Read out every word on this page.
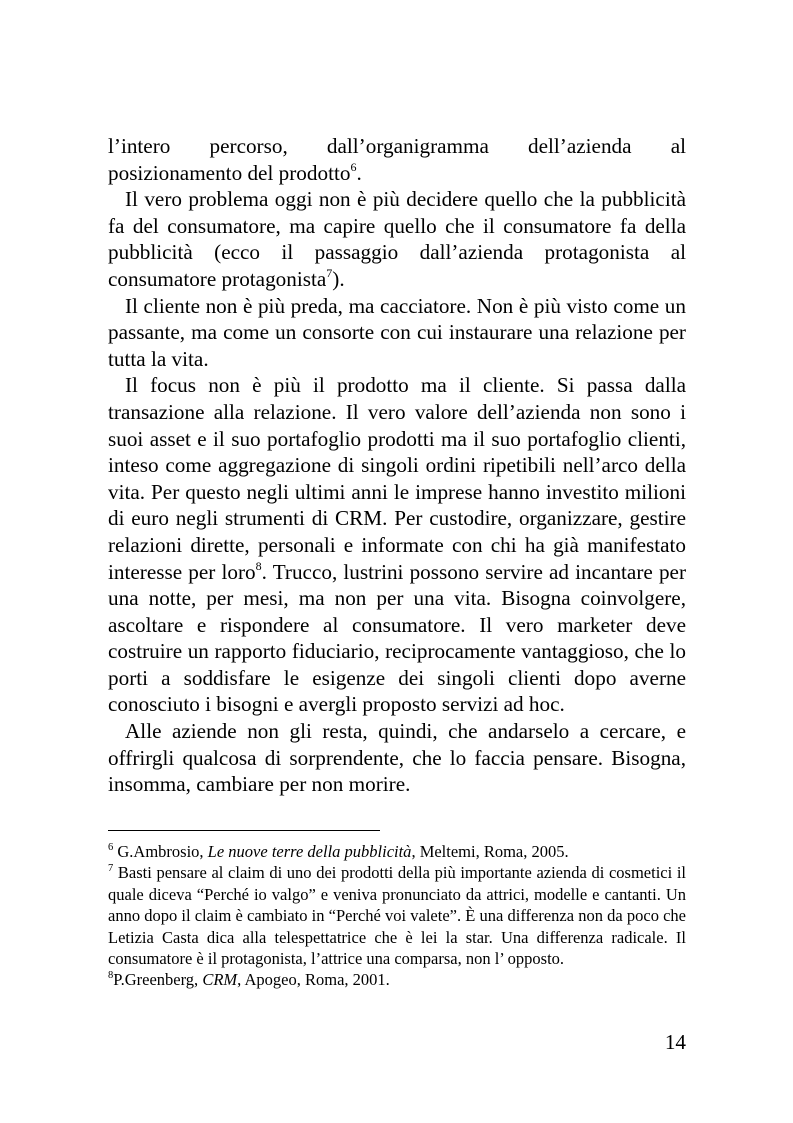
l’intero percorso, dall’organigramma dell’azienda al posizionamento del prodotto$^6$.

Il vero problema oggi non è più decidere quello che la pubblicità fa del consumatore, ma capire quello che il consumatore fa della pubblicità (ecco il passaggio dall’azienda protagonista al consumatore protagonista$^7$).

Il cliente non è più preda, ma cacciatore. Non è più visto come un passante, ma come un consorte con cui instaurare una relazione per tutta la vita.

Il focus non è più il prodotto ma il cliente. Si passa dalla transazione alla relazione. Il vero valore dell’azienda non sono i suoi asset e il suo portafoglio prodotti ma il suo portafoglio clienti, inteso come aggregazione di singoli ordini ripetibili nell’arco della vita. Per questo negli ultimi anni le imprese hanno investito milioni di euro negli strumenti di CRM. Per custodire, organizzare, gestire relazioni dirette, personali e informate con chi ha già manifestato interesse per loro$^8$. Trucco, lustrini possono servire ad incantare per una notte, per mesi, ma non per una vita. Bisogna coinvolgere, ascoltare e rispondere al consumatore. Il vero marketer deve costruire un rapporto fiduciario, reciprocamente vantaggioso, che lo porti a soddisfare le esigenze dei singoli clienti dopo averne conosciuto i bisogni e avergli proposto servizi ad hoc.

Alle aziende non gli resta, quindi, che andarselo a cercare, e offrirgli qualcosa di sorprendente, che lo faccia pensare. Bisogna, insomma, cambiare per non morire.

$^6$ G.Ambrosio, Le nuove terre della pubblicità, Meltemi, Roma, 2005.

$^7$ Basti pensare al claim di uno dei prodotti della più importante azienda di cosmetici il quale diceva “Perché io valgo” e veniva pronunciato da attrici, modelle e cantanti. Un anno dopo il claim è cambiato in “Perché voi valete”. È una differenza non da poco che Letizia Casta dica alla telespettatrice che è lei la star. Una differenza radicale. Il consumatore è il protagonista, l’attrice una comparsa, non l’ opposto.

$^8$P.Greenberg, CRM, Apogeo, Roma, 2001.

14
